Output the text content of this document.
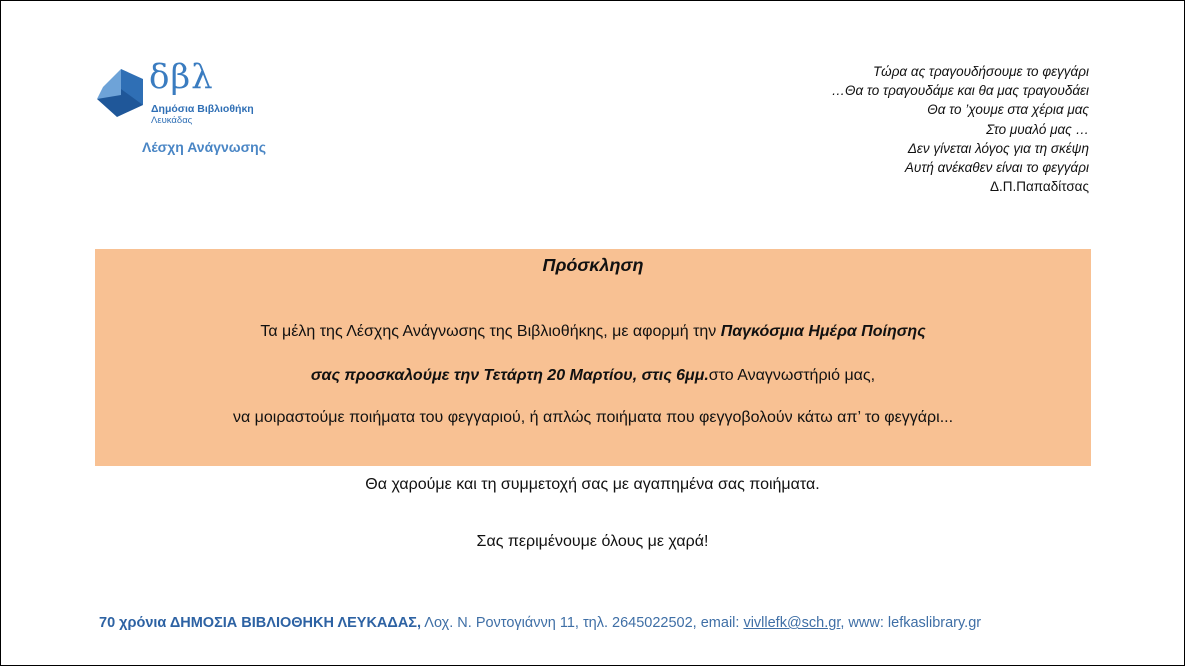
δβλ
Δημόσια Βιβλιοθήκη
Λευκάδας
Λέσχη Ανάγνωσης
Τώρα ας τραγουδήσουμε το φεγγάρι
…Θα το τραγουδάμε και θα μας τραγουδάει
Θα το ’χουμε στα χέρια μας
Στο μυαλό μας …
Δεν γίνεται λόγος για τη σκέψη
Αυτή ανέκαθεν είναι το φεγγάρι
Δ.Π.Παπαδίτσας
Πρόσκληση
Τα μέλη της Λέσχης Ανάγνωσης της Βιβλιοθήκης, με αφορμή την Παγκόσμια Ημέρα Ποίησης
σας προσκαλούμε την Τετάρτη 20 Μαρτίου, στις 6μμ.στο Αναγνωστήριό μας,
να μοιραστούμε ποιήματα του φεγγαριού, ή απλώς ποιήματα που φεγγοβολούν κάτω απ’ το φεγγάρι...
Θα χαρούμε και τη συμμετοχή σας με αγαπημένα σας ποιήματα.
Σας περιμένουμε όλους με χαρά!
70 χρόνια ΔΗΜΟΣΙΑ ΒΙΒΛΙΟΘΗΚΗ ΛΕΥΚΑΔΑΣ, Λοχ. Ν. Ροντογιάννη 11, τηλ. 2645022502, email: vivllefk@sch.gr, www: lefkaslibrary.gr
